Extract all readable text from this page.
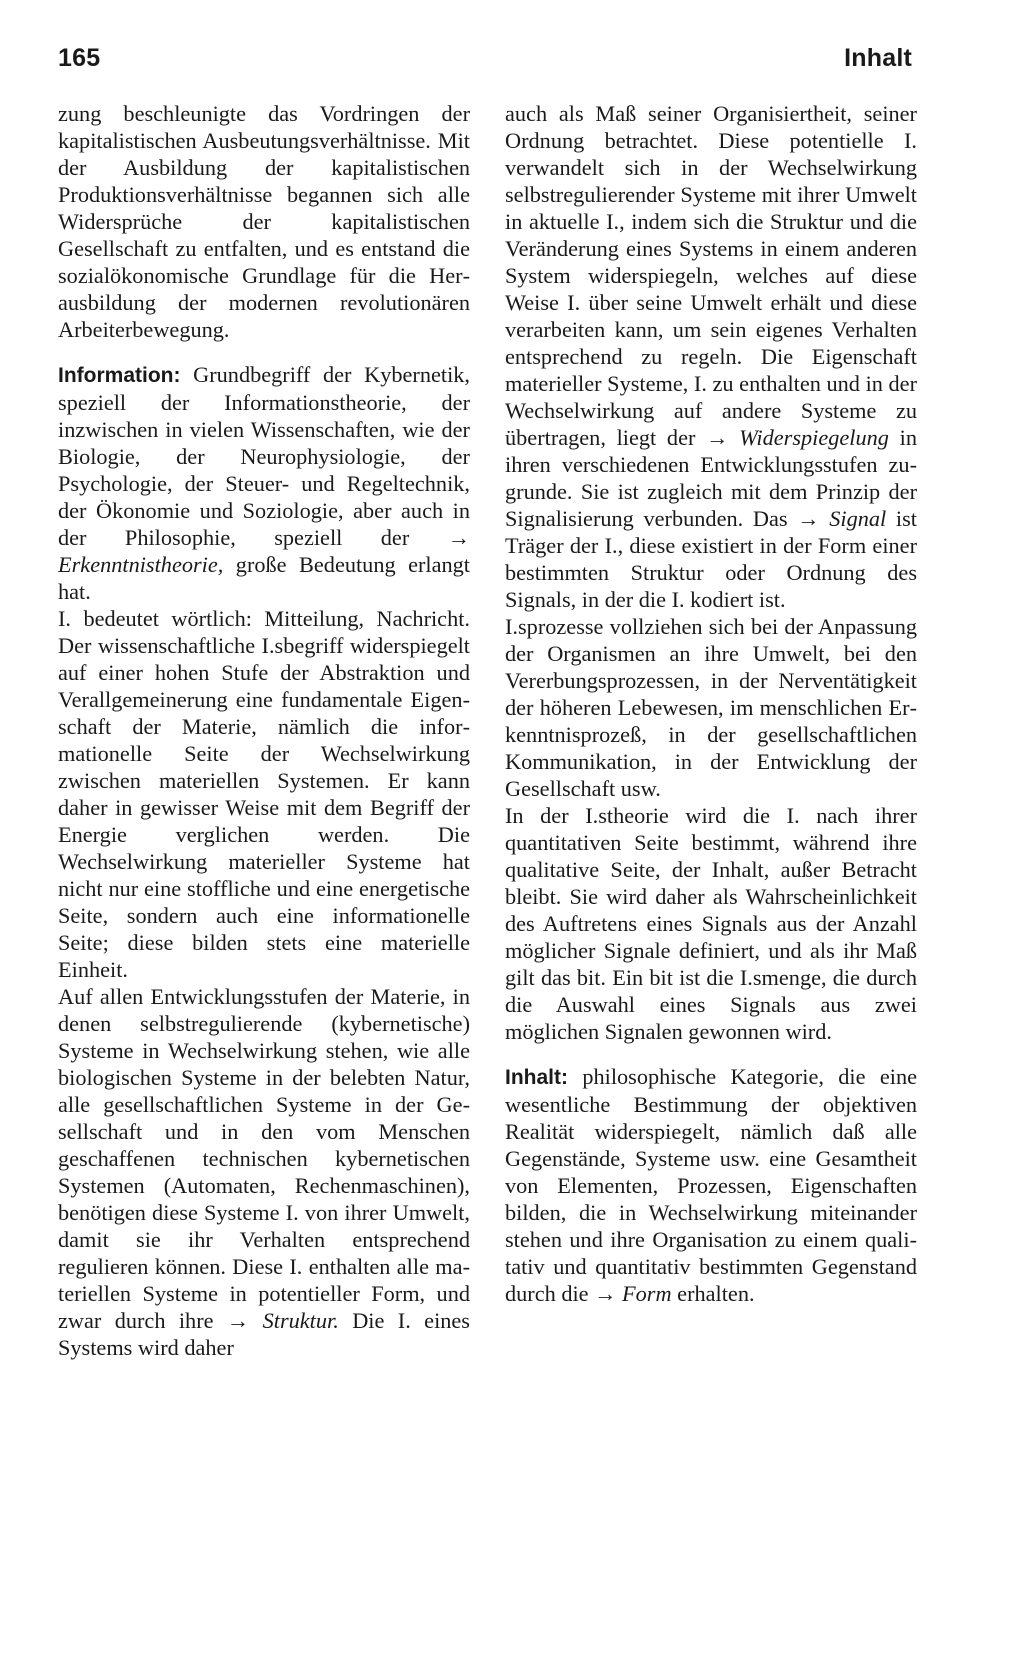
165	Inhalt

zung beschleunigte das Vordringen der kapitalistischen Ausbeutungsverhältnisse. Mit der Ausbildung der kapitalistischen Produktionsverhältnisse begannen sich alle Widersprüche der kapitalistischen Gesellschaft zu entfalten, und es entstand die sozialökonomische Grundlage für die Herausbildung der modernen revolutionären Arbeiterbewegung.

Information: Grundbegriff der Kybernetik, speziell der Informationstheorie, der inzwischen in vielen Wissenschaften, wie der Biologie, der Neurophysiologie, der Psychologie, der Steuer- und Regeltechnik, der Ökonomie und Soziologie, aber auch in der Philosophie, speziell der → Erkenntnistheorie, große Bedeutung erlangt hat.

I. bedeutet wörtlich: Mitteilung, Nachricht. Der wissenschaftliche I.sbegriff widerspiegelt auf einer hohen Stufe der Abstraktion und Verallgemeinerung eine fundamentale Eigenschaft der Materie, nämlich die informationelle Seite der Wechselwirkung zwischen materiellen Systemen. Er kann daher in gewisser Weise mit dem Begriff der Energie verglichen werden. Die Wechselwirkung materieller Systeme hat nicht nur eine stoffliche und eine energetische Seite, sondern auch eine informationelle Seite; diese bilden stets eine materielle Einheit.

Auf allen Entwicklungsstufen der Materie, in denen selbstregulierende (kybernetische) Systeme in Wechselwirkung stehen, wie alle biologischen Systeme in der belebten Natur, alle gesellschaftlichen Systeme in der Gesellschaft und in den vom Menschen geschaffenen technischen kybernetischen Systemen (Automaten, Rechenmaschinen), benötigen diese Systeme I. von ihrer Umwelt, damit sie ihr Verhalten entsprechend regulieren können. Diese I. enthalten alle materiellen Systeme in potentieller Form, und zwar durch ihre → Struktur. Die I. eines Systems wird daher

auch als Maß seiner Organisiertheit, seiner Ordnung betrachtet. Diese potentielle I. verwandelt sich in der Wechselwirkung selbstregulierender Systeme mit ihrer Umwelt in aktuelle I., indem sich die Struktur und die Veränderung eines Systems in einem anderen System widerspiegeln, welches auf diese Weise I. über seine Umwelt erhält und diese verarbeiten kann, um sein eigenes Verhalten entsprechend zu regeln. Die Eigenschaft materieller Systeme, I. zu enthalten und in der Wechselwirkung auf andere Systeme zu übertragen, liegt der → Widerspiegelung in ihren verschiedenen Entwicklungsstufen zugrunde. Sie ist zugleich mit dem Prinzip der Signalisierung verbunden. Das → Signal ist Träger der I., diese existiert in der Form einer bestimmten Struktur oder Ordnung des Signals, in der die I. kodiert ist.

I.sprozesse vollziehen sich bei der Anpassung der Organismen an ihre Umwelt, bei den Vererbungsprozessen, in der Nerventätigkeit der höheren Lebewesen, im menschlichen Erkenntnisprozeß, in der gesellschaftlichen Kommunikation, in der Entwicklung der Gesellschaft usw.

In der I.stheorie wird die I. nach ihrer quantitativen Seite bestimmt, während ihre qualitative Seite, der Inhalt, außer Betracht bleibt. Sie wird daher als Wahrscheinlichkeit des Auftretens eines Signals aus der Anzahl möglicher Signale definiert, und als ihr Maß gilt das bit. Ein bit ist die I.smenge, die durch die Auswahl eines Signals aus zwei möglichen Signalen gewonnen wird.

Inhalt: philosophische Kategorie, die eine wesentliche Bestimmung der objektiven Realität widerspiegelt, nämlich daß alle Gegenstände, Systeme usw. eine Gesamtheit von Elementen, Prozessen, Eigenschaften bilden, die in Wechselwirkung miteinander stehen und ihre Organisation zu einem qualitativ und quantitativ bestimmten Gegenstand durch die → Form erhalten.
